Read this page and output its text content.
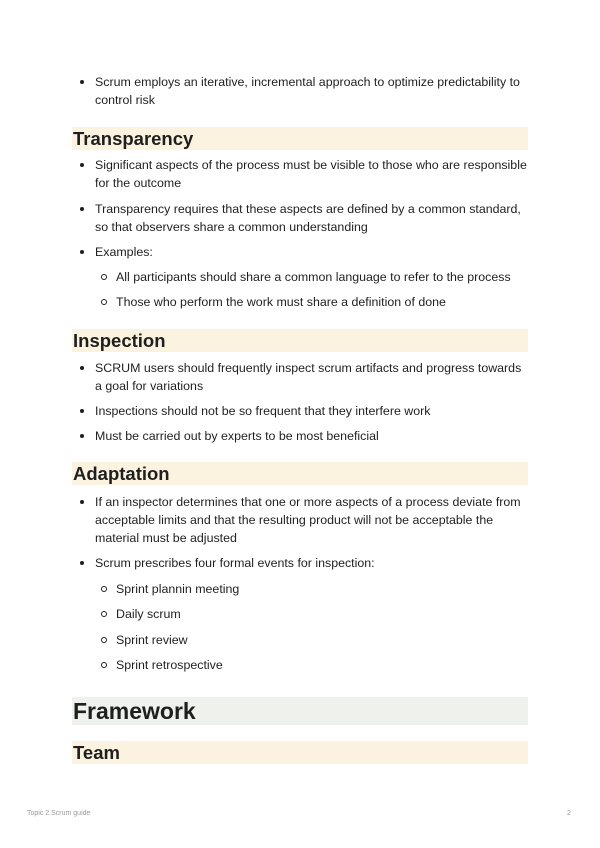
Scrum employs an iterative, incremental approach to optimize predictability to control risk
Transparency
Significant aspects of the process must be visible to those who are responsible for the outcome
Transparency requires that these aspects are defined by a common standard, so that observers share a common understanding
Examples:
All participants should share a common language to refer to the process
Those who perform the work must share a definition of done
Inspection
SCRUM users should frequently inspect scrum artifacts and progress towards a goal for variations
Inspections should not be so frequent that they interfere work
Must be carried out by experts to be most beneficial
Adaptation
If an inspector determines that one or more aspects of a process deviate from acceptable limits and that the resulting product will not be acceptable the material must be adjusted
Scrum prescribes four formal events for inspection:
Sprint plannin meeting
Daily scrum
Sprint review
Sprint retrospective
Framework
Team
Topic 2.Scrum guide	2
